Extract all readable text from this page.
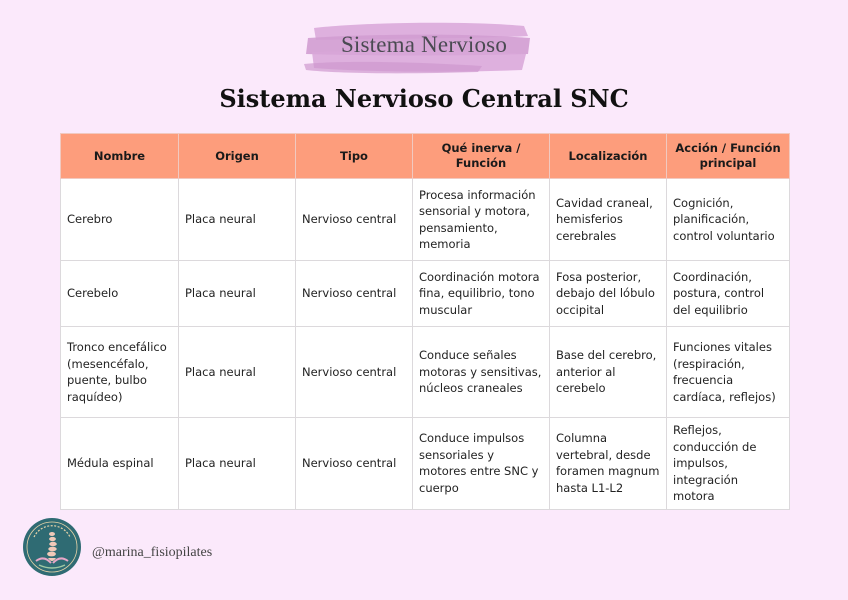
Sistema Nervioso
Sistema Nervioso Central SNC
Nombre	Origen	Tipo	Qué inerva / Función	Localización	Acción / Función principal
Cerebro	Placa neural	Nervioso central	Procesa información sensorial y motora, pensamiento, memoria	Cavidad craneal, hemisferios cerebrales	Cognición, planificación, control voluntario
Cerebelo	Placa neural	Nervioso central	Coordinación motora fina, equilibrio, tono muscular	Fosa posterior, debajo del lóbulo occipital	Coordinación, postura, control del equilibrio
Tronco encefálico (mesencéfalo, puente, bulbo raquídeo)	Placa neural	Nervioso central	Conduce señales motoras y sensitivas, núcleos craneales	Base del cerebro, anterior al cerebelo	Funciones vitales (respiración, frecuencia cardíaca, reflejos)
Médula espinal	Placa neural	Nervioso central	Conduce impulsos sensoriales y motores entre SNC y cuerpo	Columna vertebral, desde foramen magnum hasta L1-L2	Reflejos, conducción de impulsos, integración motora
@marina_fisiopilates
